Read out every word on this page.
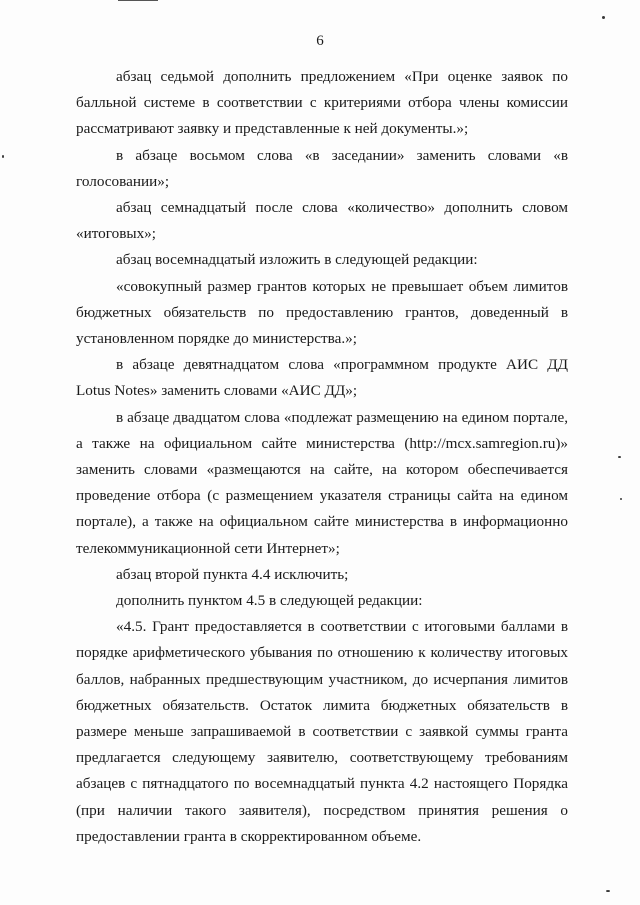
6

абзац седьмой дополнить предложением «При оценке заявок по балльной системе в соответствии с критериями отбора члены комиссии рассматривают заявку и представленные к ней документы.»;

в абзаце восьмом слова «в заседании» заменить словами «в голосовании»;

абзац семнадцатый после слова «количество» дополнить словом «итоговых»;

абзац восемнадцатый изложить в следующей редакции:

«совокупный размер грантов которых не превышает объем лимитов бюджетных обязательств по предоставлению грантов, доведенный в установленном порядке до министерства.»;

в абзаце девятнадцатом слова «программном продукте АИС ДД Lotus Notes» заменить словами «АИС ДД»;

в абзаце двадцатом слова «подлежат размещению на едином портале, а также на официальном сайте министерства (http://mcx.samregion.ru)» заменить словами «размещаются на сайте, на котором обеспечивается проведение отбора (с размещением указателя страницы сайта на едином портале), а также на официальном сайте министерства в информационно телекоммуникационной сети Интернет»;

абзац второй пункта 4.4 исключить;

дополнить пунктом 4.5 в следующей редакции:

«4.5. Грант предоставляется в соответствии с итоговыми баллами в порядке арифметического убывания по отношению к количеству итоговых баллов, набранных предшествующим участником, до исчерпания лимитов бюджетных обязательств. Остаток лимита бюджетных обязательств в размере меньше запрашиваемой в соответствии с заявкой суммы гранта предлагается следующему заявителю, соответствующему требованиям абзацев с пятнадцатого по восемнадцатый пункта 4.2 настоящего Порядка (при наличии такого заявителя), посредством принятия решения о предоставлении гранта в скорректированном объеме.
